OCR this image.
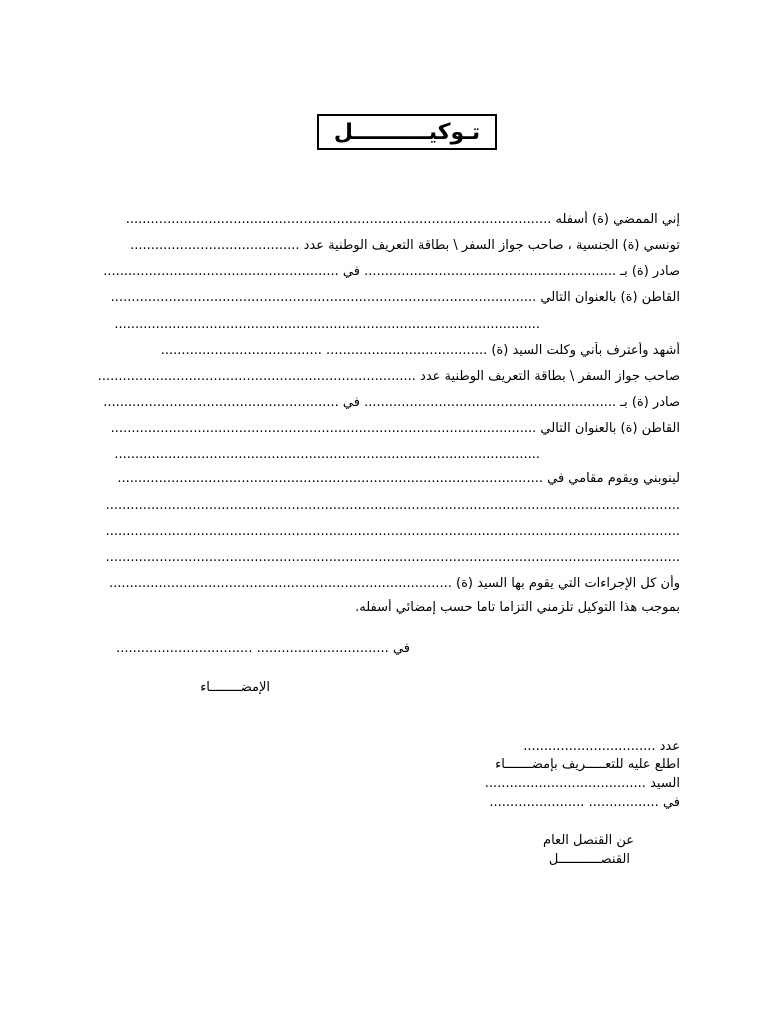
تـوكيــــــــــل
إني الممضي (ة) أسفله .......................................................................................................
تونسي (ة) الجنسية ، صاحب جواز السفر \ بطاقة التعريف الوطنية عدد .........................................
صادر (ة) بـ ............................................................. في .........................................................
القاطن (ة) بالعنوان التالي .......................................................................................................
.......................................................................................................
أشهد وأعترف بأني وكلت السيد (ة) ....................................... .......................................
صاحب جواز السفر \ بطاقة التعريف الوطنية عدد .............................................................................
صادر (ة) بـ ............................................................. في .........................................................
القاطن (ة) بالعنوان التالي .......................................................................................................
.......................................................................................................
لينوبني ويقوم مقامي في .......................................................................................................
...........................................................................................................................................
...........................................................................................................................................
...........................................................................................................................................
وأن كل الإجراءات التي يقوم بها السيد (ة) ...................................................................................
بموجب هذا التوكيل تلزمني التزاما تاما حسب إمضائي أسفله.
في ................................ .................................
الإمضــــــــاء
عدد ................................
اطلع عليه للتعـــــريف بإمضـــــــاء
السيد .......................................
في ................. .......................
عن القنصل العام
القنصـــــــــــل
